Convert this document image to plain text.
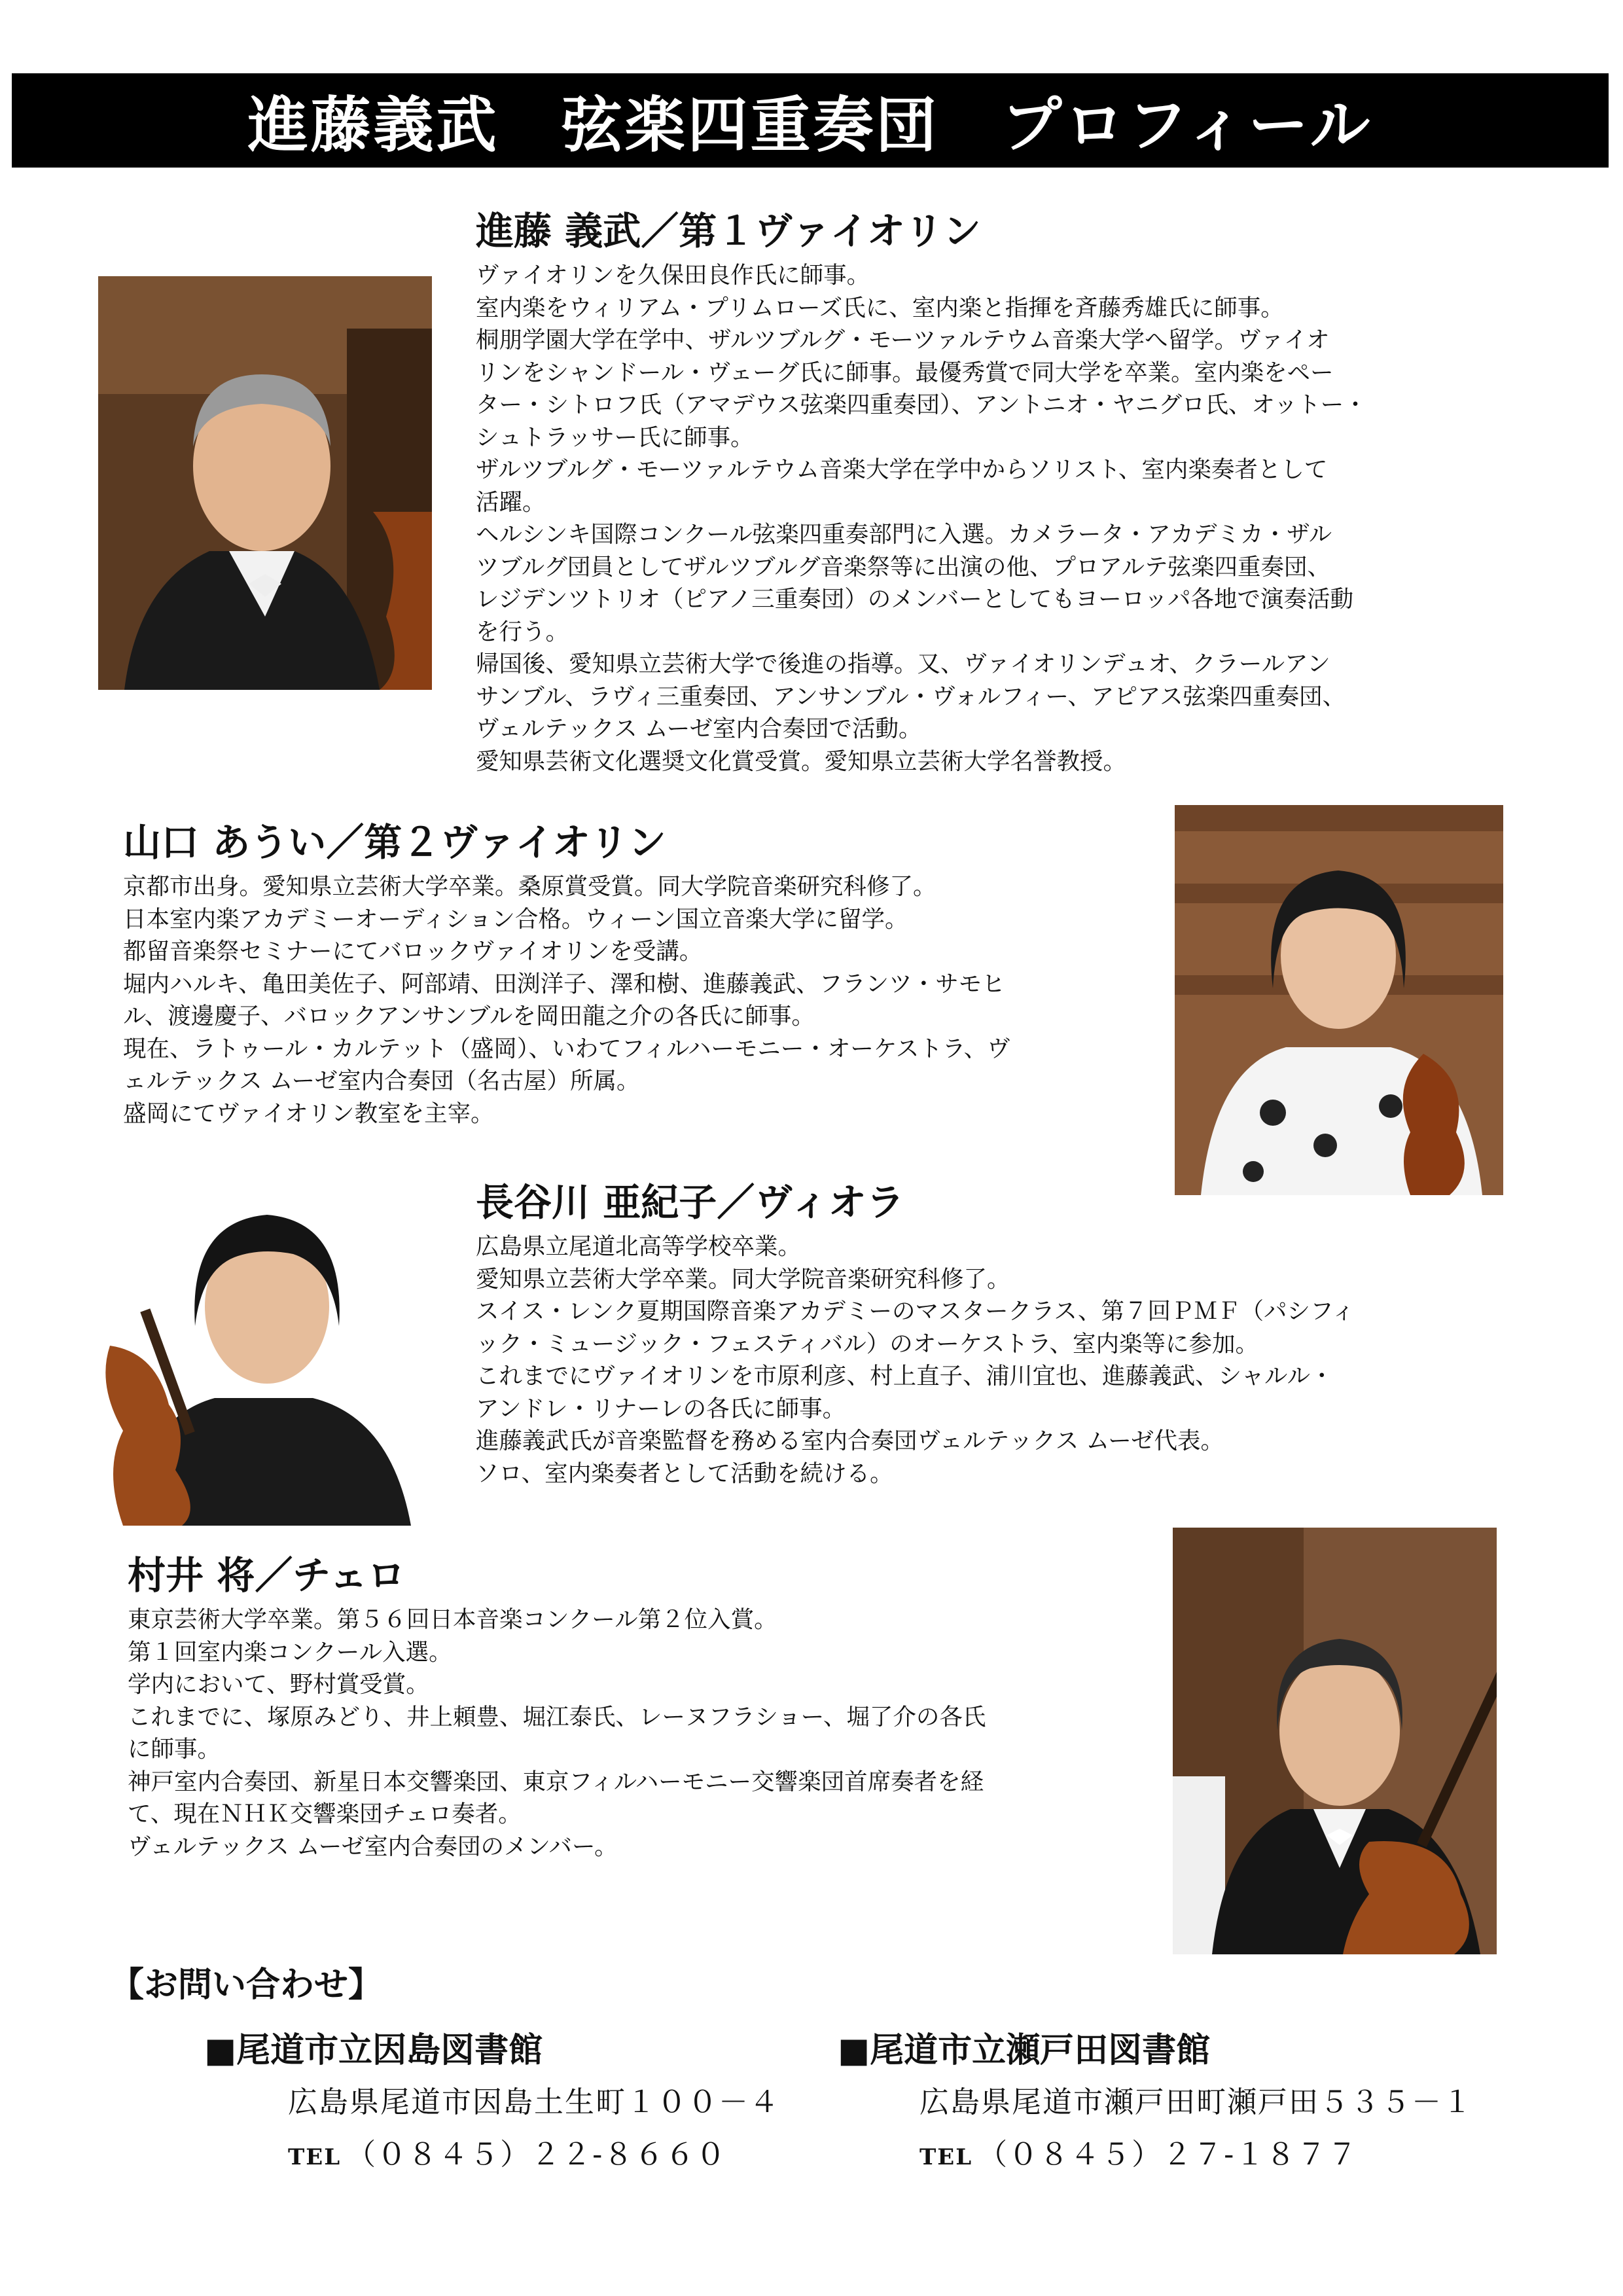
進藤義武　弦楽四重奏団　プロフィール
進藤 義武／第１ヴァイオリン

ヴァイオリンを久保田良作氏に師事。

室内楽をウィリアム・プリムローズ氏に、室内楽と指揮を斉藤秀雄氏に師事。

桐朋学園大学在学中、ザルツブルグ・モーツァルテウム音楽大学へ留学。ヴァイオ

リンをシャンドール・ヴェーグ氏に師事。最優秀賞で同大学を卒業。室内楽をペー

ター・シトロフ氏（アマデウス弦楽四重奏団）、アントニオ・ヤニグロ氏、オットー・

シュトラッサー氏に師事。

ザルツブルグ・モーツァルテウム音楽大学在学中からソリスト、室内楽奏者として

活躍。

ヘルシンキ国際コンクール弦楽四重奏部門に入選。カメラータ・アカデミカ・ザル

ツブルグ団員としてザルツブルグ音楽祭等に出演の他、プロアルテ弦楽四重奏団、

レジデンツトリオ（ピアノ三重奏団）のメンバーとしてもヨーロッパ各地で演奏活動

を行う。

帰国後、愛知県立芸術大学で後進の指導。又、ヴァイオリンデュオ、クラールアン

サンブル、ラヴィ三重奏団、アンサンブル・ヴォルフィー、アピアス弦楽四重奏団、

ヴェルテックス ムーゼ室内合奏団で活動。

愛知県芸術文化選奨文化賞受賞。愛知県立芸術大学名誉教授。

山口 あうい／第２ヴァイオリン

京都市出身。愛知県立芸術大学卒業。桑原賞受賞。同大学院音楽研究科修了。

日本室内楽アカデミーオーディション合格。ウィーン国立音楽大学に留学。

都留音楽祭セミナーにてバロックヴァイオリンを受講。

堀内ハルキ、亀田美佐子、阿部靖、田渕洋子、澤和樹、進藤義武、フランツ・サモヒ

ル、渡邊慶子、バロックアンサンブルを岡田龍之介の各氏に師事。

現在、ラトゥール・カルテット（盛岡）、いわてフィルハーモニー・オーケストラ、ヴ

ェルテックス ムーゼ室内合奏団（名古屋）所属。

盛岡にてヴァイオリン教室を主宰。

長谷川 亜紀子／ヴィオラ

広島県立尾道北高等学校卒業。

愛知県立芸術大学卒業。同大学院音楽研究科修了。

スイス・レンク夏期国際音楽アカデミーのマスタークラス、第７回ＰＭＦ（パシフィ

ック・ミュージック・フェスティバル）のオーケストラ、室内楽等に参加。

これまでにヴァイオリンを市原利彦、村上直子、浦川宜也、進藤義武、シャルル・

アンドレ・リナーレの各氏に師事。

進藤義武氏が音楽監督を務める室内合奏団ヴェルテックス ムーゼ代表。

ソロ、室内楽奏者として活動を続ける。

村井 将／チェロ

東京芸術大学卒業。第５６回日本音楽コンクール第２位入賞。

第１回室内楽コンクール入選。

学内において、野村賞受賞。

これまでに、塚原みどり、井上頼豊、堀江泰氏、レーヌフラショー、堀了介の各氏

に師事。

神戸室内合奏団、新星日本交響楽団、東京フィルハーモニー交響楽団首席奏者を経

て、現在ＮＨＫ交響楽団チェロ奏者。

ヴェルテックス ムーゼ室内合奏団のメンバー。

【お問い合わせ】
■尾道市立因島図書館
広島県尾道市因島土生町１００－４
TEL （０８４５）２２-８６６０
■尾道市立瀬戸田図書館
広島県尾道市瀬戸田町瀬戸田５３５－１
TEL （０８４５）２７-１８７７
